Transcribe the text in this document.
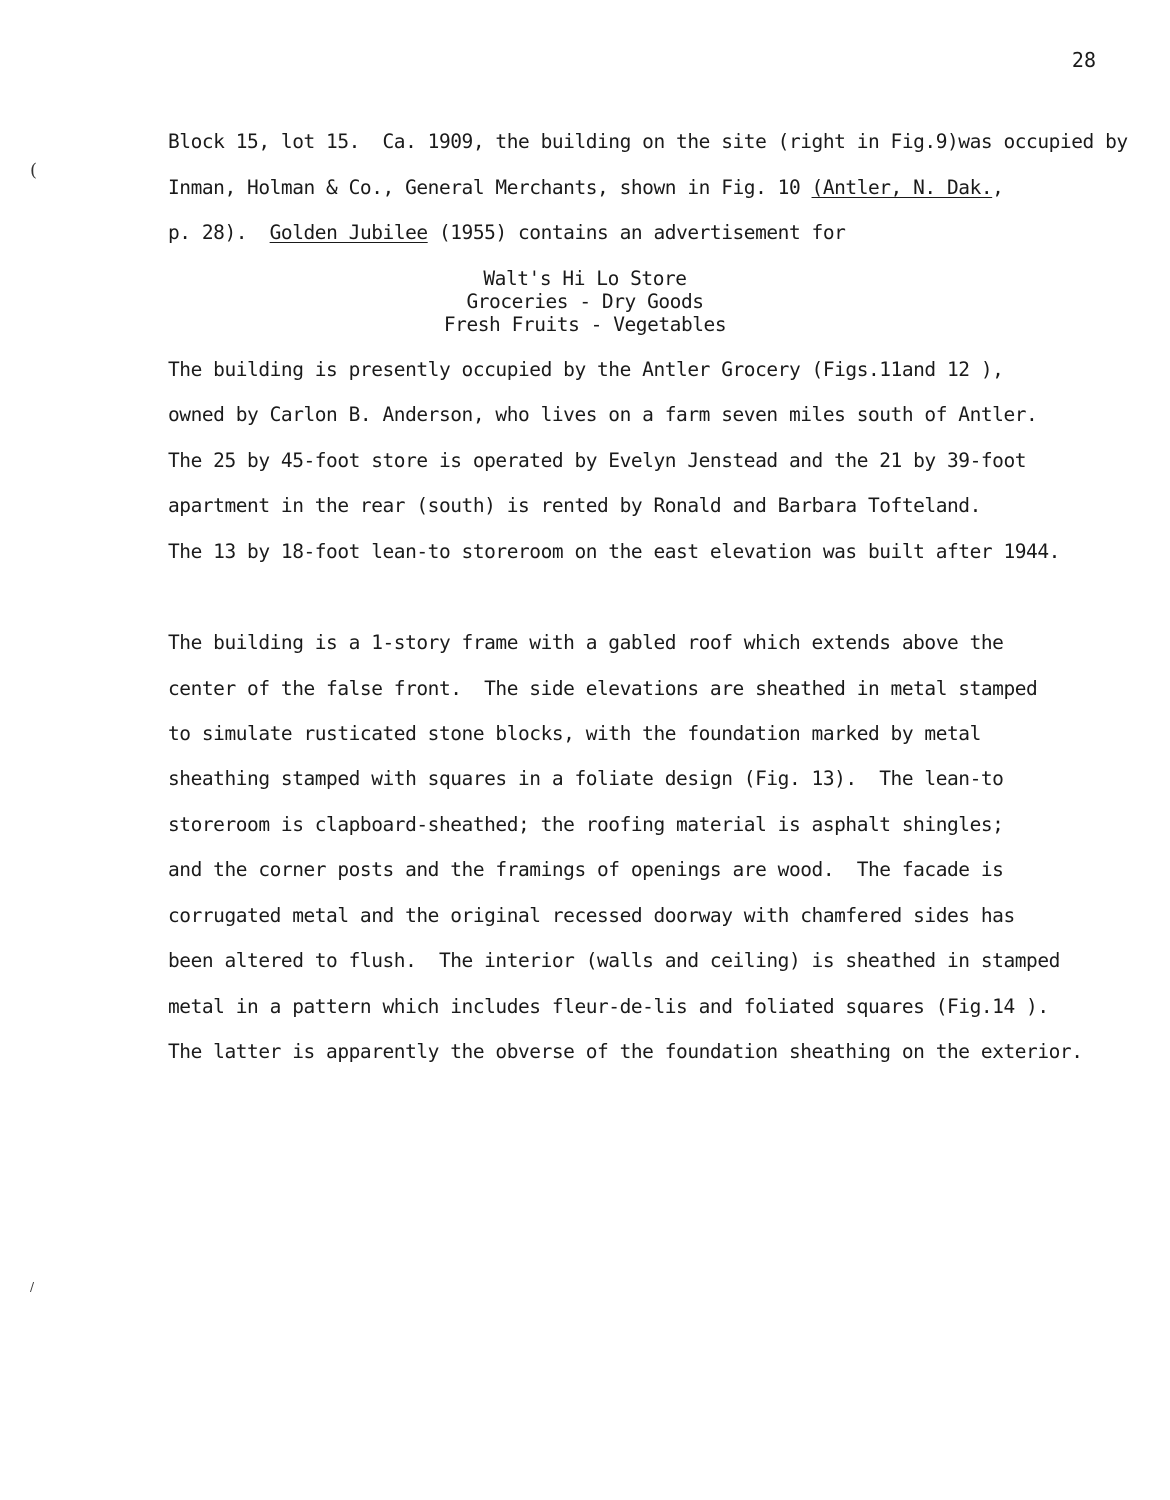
28
Block 15, lot 15.  Ca. 1909, the building on the site (right in Fig.9)was occupied by
Inman, Holman & Co., General Merchants, shown in Fig. 10 (Antler, N. Dak.,
p. 28).  Golden Jubilee (1955) contains an advertisement for
Walt's Hi Lo Store
Groceries - Dry Goods
Fresh Fruits - Vegetables
The building is presently occupied by the Antler Grocery (Figs.11and 12 ),
owned by Carlon B. Anderson, who lives on a farm seven miles south of Antler.
The 25 by 45-foot store is operated by Evelyn Jenstead and the 21 by 39-foot
apartment in the rear (south) is rented by Ronald and Barbara Tofteland.
The 13 by 18-foot lean-to storeroom on the east elevation was built after 1944.
The building is a 1-story frame with a gabled roof which extends above the
center of the false front.  The side elevations are sheathed in metal stamped
to simulate rusticated stone blocks, with the foundation marked by metal
sheathing stamped with squares in a foliate design (Fig. 13).  The lean-to
storeroom is clapboard-sheathed; the roofing material is asphalt shingles;
and the corner posts and the framings of openings are wood.  The facade is
corrugated metal and the original recessed doorway with chamfered sides has
been altered to flush.  The interior (walls and ceiling) is sheathed in stamped
metal in a pattern which includes fleur-de-lis and foliated squares (Fig.14 ).
The latter is apparently the obverse of the foundation sheathing on the exterior.
(
/
